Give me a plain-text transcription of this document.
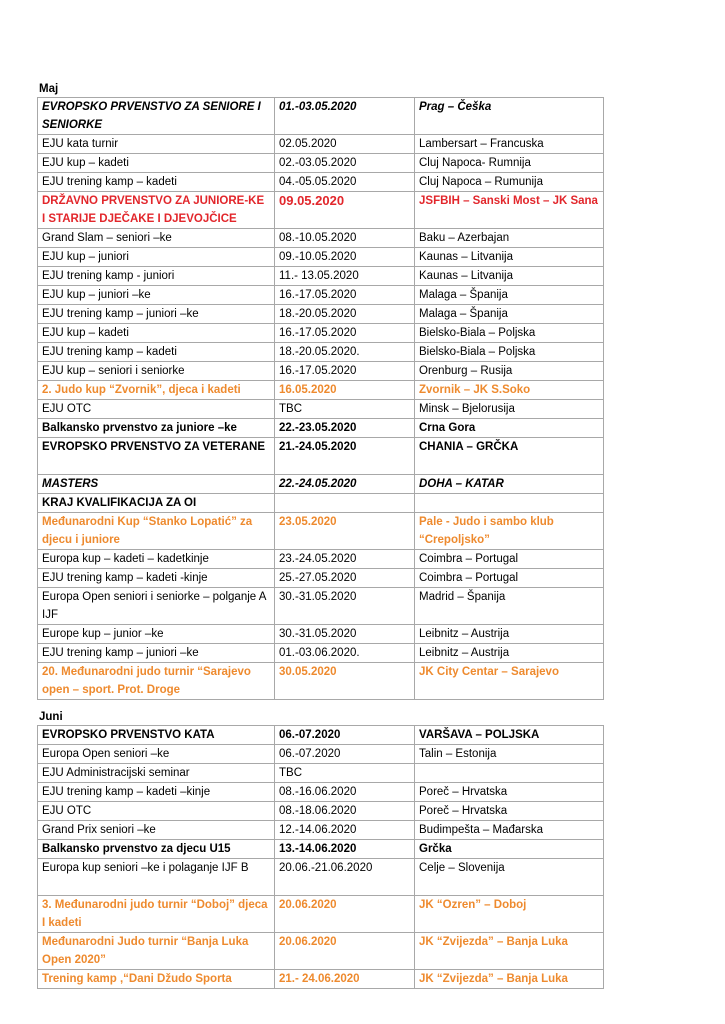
Maj
EVROPSKO PRVENSTVO ZA SENIORE I SENIORKE	01.-03.05.2020	Prag – Češka
EJU kata turnir	02.05.2020	Lambersart – Francuska
EJU kup – kadeti	02.-03.05.2020	Cluj Napoca- Rumnija
EJU trening kamp – kadeti	04.-05.05.2020	Cluj Napoca – Rumunija
DRŽAVNO PRVENSTVO ZA JUNIORE-KE I STARIJE DJEČAKE I DJEVOJČICE	09.05.2020	JSFBIH – Sanski Most – JK Sana
Grand Slam – seniori –ke	08.-10.05.2020	Baku – Azerbajan
EJU kup – juniori	09.-10.05.2020	Kaunas – Litvanija
EJU trening kamp - juniori	11.- 13.05.2020	Kaunas – Litvanija
EJU kup – juniori –ke	16.-17.05.2020	Malaga – Španija
EJU trening kamp – juniori –ke	18.-20.05.2020	Malaga – Španija
EJU kup – kadeti	16.-17.05.2020	Bielsko-Biala – Poljska
EJU trening kamp – kadeti	18.-20.05.2020.	Bielsko-Biala – Poljska
EJU kup – seniori i seniorke	16.-17.05.2020	Orenburg – Rusija
2. Judo kup “Zvornik”, djeca i kadeti	16.05.2020	Zvornik – JK S.Soko
EJU OTC	TBC	Minsk – Bjelorusija
Balkansko prvenstvo za juniore –ke	22.-23.05.2020	Crna Gora
EVROPSKO PRVENSTVO ZA VETERANE	21.-24.05.2020	CHANIA – GRČKA
MASTERS	22.-24.05.2020	DOHA – KATAR
KRAJ KVALIFIKACIJA ZA OI		
Međunarodni Kup “Stanko Lopatić” za djecu i juniore	23.05.2020	Pale - Judo i sambo klub “Crepoljsko”
Europa kup – kadeti – kadetkinje	23.-24.05.2020	Coimbra – Portugal
EJU trening kamp – kadeti -kinje	25.-27.05.2020	Coimbra – Portugal
Europa Open seniori i seniorke – polganje A IJF	30.-31.05.2020	Madrid – Španija
Europe kup – junior –ke	30.-31.05.2020	Leibnitz – Austrija
EJU trening kamp – juniori –ke	01.-03.06.2020.	Leibnitz – Austrija
20. Međunarodni judo turnir “Sarajevo open – sport. Prot. Droge	30.05.2020	JK City Centar – Sarajevo
Juni
EVROPSKO PRVENSTVO KATA	06.-07.2020	VARŠAVA – POLJSKA
Europa Open seniori –ke	06.-07.2020	Talin – Estonija
EJU Administracijski seminar	TBC	
EJU trening kamp – kadeti –kinje	08.-16.06.2020	Poreč – Hrvatska
EJU OTC	08.-18.06.2020	Poreč – Hrvatska
Grand Prix seniori –ke	12.-14.06.2020	Budimpešta – Mađarska
Balkansko prvenstvo za djecu U15	13.-14.06.2020	Grčka
Europa kup seniori –ke i polaganje IJF B	20.06.-21.06.2020	Celje – Slovenija
3. Međunarodni judo turnir “Doboj” djeca I kadeti	20.06.2020	JK “Ozren” – Doboj
Međunarodni Judo turnir “Banja Luka Open 2020”	20.06.2020	JK “Zvijezda” – Banja Luka
Trening kamp ,“Dani Džudo Sporta	21.- 24.06.2020	JK “Zvijezda” – Banja Luka
